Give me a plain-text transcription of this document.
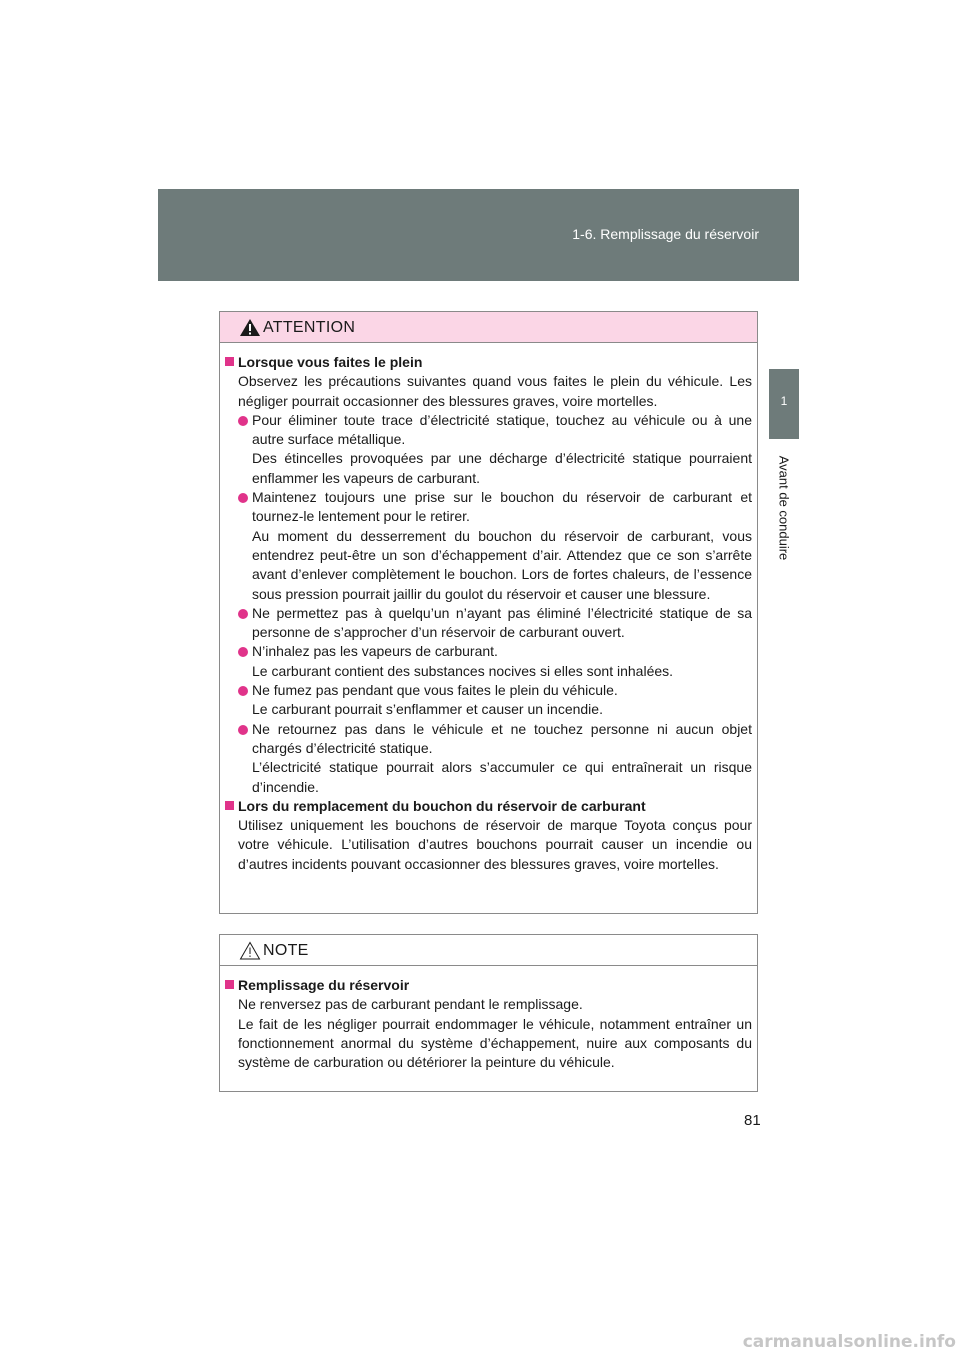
1-6. Remplissage du réservoir
1
Avant de conduire
ATTENTION

Lorsque vous faites le plein

Observez les précautions suivantes quand vous faites le plein du véhicule. Les négliger pourrait occasionner des blessures graves, voire mortelles.

Pour éliminer toute trace d’électricité statique, touchez au véhicule ou à une autre surface métallique.

Des étincelles provoquées par une décharge d’électricité statique pourraient enflammer les vapeurs de carburant.

Maintenez toujours une prise sur le bouchon du réservoir de carburant et tournez-le lentement pour le retirer.

Au moment du desserrement du bouchon du réservoir de carburant, vous entendrez peut-être un son d’échappement d’air. Attendez que ce son s’arrête avant d’enlever complètement le bouchon. Lors de fortes chaleurs, de l’essence sous pression pourrait jaillir du goulot du réservoir et causer une blessure.

Ne permettez pas à quelqu’un n’ayant pas éliminé l’électricité statique de sa personne de s’approcher d’un réservoir de carburant ouvert.

N’inhalez pas les vapeurs de carburant.

Le carburant contient des substances nocives si elles sont inhalées.

Ne fumez pas pendant que vous faites le plein du véhicule.

Le carburant pourrait s’enflammer et causer un incendie.

Ne retournez pas dans le véhicule et ne touchez personne ni aucun objet chargés d’électricité statique.

L’électricité statique pourrait alors s’accumuler ce qui entraînerait un risque d’incendie.

Lors du remplacement du bouchon du réservoir de carburant

Utilisez uniquement les bouchons de réservoir de marque Toyota conçus pour votre véhicule. L’utilisation d’autres bouchons pourrait causer un incendie ou d’autres incidents pouvant occasionner des blessures graves, voire mortelles.

NOTE

Remplissage du réservoir

Ne renversez pas de carburant pendant le remplissage.

Le fait de les négliger pourrait endommager le véhicule, notamment entraîner un fonctionnement anormal du système d’échappement, nuire aux composants du système de carburation ou détériorer la peinture du véhicule.

81
carmanualsonline.info
